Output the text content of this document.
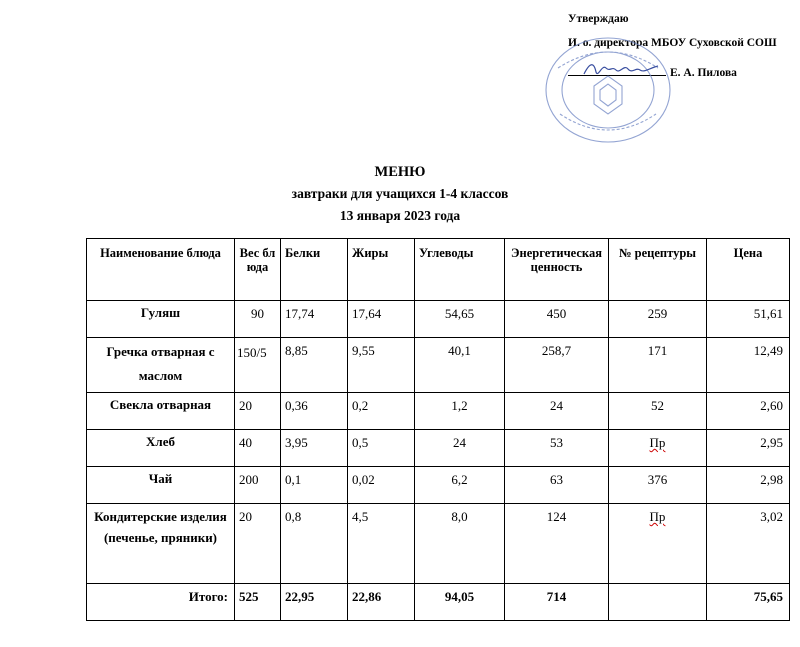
Утверждаю
И. о. директора МБОУ Суховской СОШ
Е. А. Пилова
МЕНЮ
завтраки для учащихся 1-4 классов
13 января 2023 года
Наименование блюда	Вес блюда	Белки	Жиры	Углеводы	Энергетическая ценность	№ рецептуры	Цена
Гуляш	90	17,74	17,64	54,65	450	259	51,61
Гречка отварная с маслом	150/5	8,85	9,55	40,1	258,7	171	12,49
Свекла отварная	20	0,36	0,2	1,2	24	52	2,60
Хлеб	40	3,95	0,5	24	53	Пр	2,95
Чай	200	0,1	0,02	6,2	63	376	2,98
Кондитерские изделия (печенье, пряники)	20	0,8	4,5	8,0	124	Пр	3,02
Итого:	525	22,95	22,86	94,05	714		75,65
